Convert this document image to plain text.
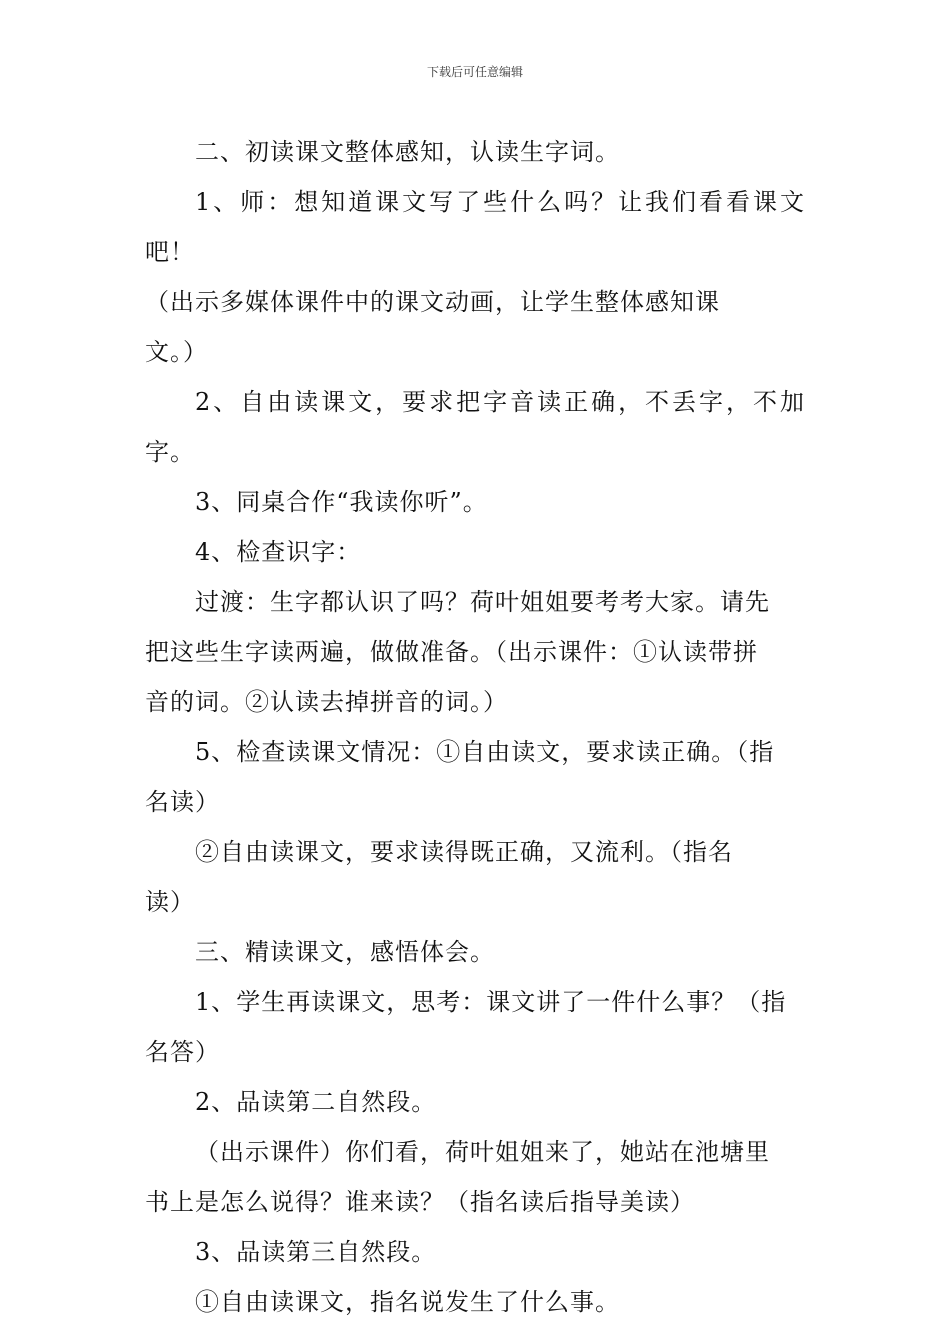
下载后可任意编辑

二、初读课文整体感知，认读生字词。

1、师：想知道课文写了些什么吗？让我们看看课文吧！

（出示多媒体课件中的课文动画，让学生整体感知课

文。）

2、自由读课文，要求把字音读正确，不丢字，不加字。

3、同桌合作“我读你听”。

4、检查识字：

过渡：生字都认识了吗？荷叶姐姐要考考大家。请先

把这些生字读两遍，做做准备。（出示课件：①认读带拼

音的词。②认读去掉拼音的词。）

5、检查读课文情况：①自由读文，要求读正确。（指

名读）

②自由读课文，要求读得既正确，又流利。（指名

读）

三、精读课文，感悟体会。

1、学生再读课文，思考：课文讲了一件什么事？（指

名答）

2、品读第二自然段。

（出示课件）你们看，荷叶姐姐来了，她站在池塘里

书上是怎么说得？谁来读？（指名读后指导美读）

3、品读第三自然段。

①自由读课文，指名说发生了什么事。
